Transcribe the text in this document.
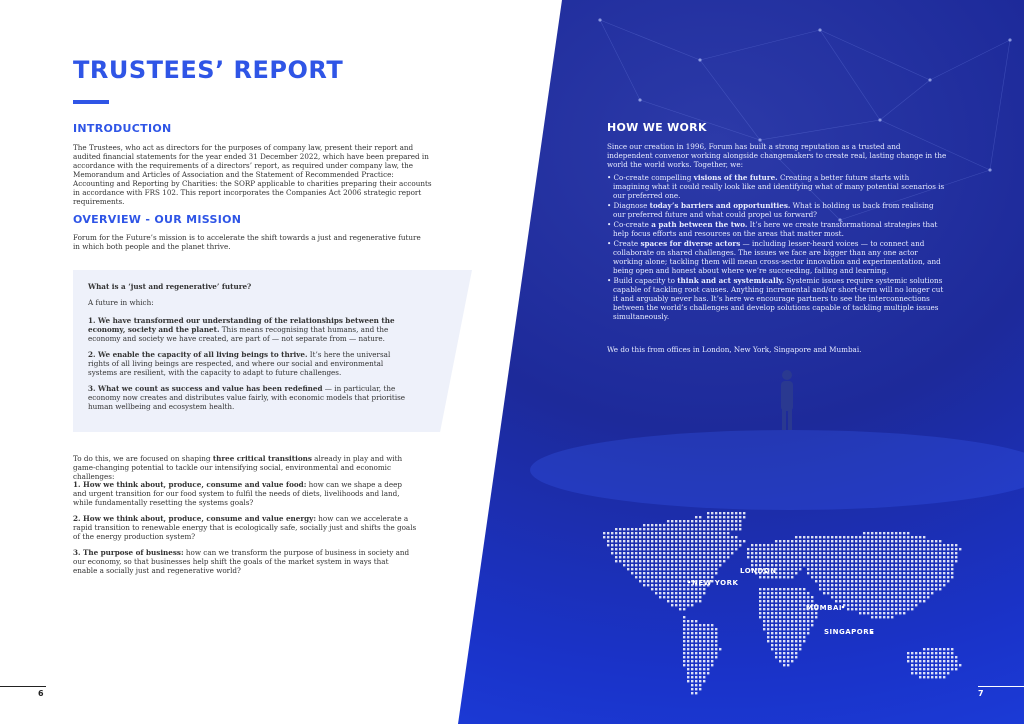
TRUSTEES’ REPORT
INTRODUCTION
The Trustees, who act as directors for the purposes of company law, present their report and audited financial statements for the year ended 31 December 2022, which have been prepared in accordance with the requirements of a directors’ report, as required under company law, the Memorandum and Articles of Association and the Statement of Recommended Practice: Accounting and Reporting by Charities: the SORP applicable to charities preparing their accounts in accordance with FRS 102. This report incorporates the Companies Act 2006 strategic report requirements.
OVERVIEW - OUR MISSION
Forum for the Future’s mission is to accelerate the shift towards a just and regenerative future in which both people and the planet thrive.
What is a ‘just and regenerative’ future?
A future in which:
1. We have transformed our understanding of the relationships between the economy, society and the planet. This means recognising that humans, and the economy and society we have created, are part of — not separate from — nature.
2. We enable the capacity of all living beings to thrive. It’s here the universal rights of all living beings are respected, and where our social and environmental systems are resilient, with the capacity to adapt to future challenges.
3. What we count as success and value has been redefined — in particular, the economy now creates and distributes value fairly, with economic models that prioritise human wellbeing and ecosystem health.
To do this, we are focused on shaping three critical transitions already in play and with game-changing potential to tackle our intensifying social, environmental and economic challenges:
1. How we think about, produce, consume and value food: how can we shape a deep and urgent transition for our food system to fulfil the needs of diets, livelihoods and land, while fundamentally resetting the systems goals?
2. How we think about, produce, consume and value energy: how can we accelerate a rapid transition to renewable energy that is ecologically safe, socially just and shifts the goals of the energy production system?
3. The purpose of business: how can we transform the purpose of business in society and our economy, so that businesses help shift the goals of the market system in ways that enable a socially just and regenerative world?
6
HOW WE WORK
Since our creation in 1996, Forum has built a strong reputation as a trusted and independent convenor working alongside changemakers to create real, lasting change in the world the world works. Together, we:
• Co-create compelling visions of the future. Creating a better future starts with imagining what it could really look like and identifying what of many potential scenarios is our preferred one.
• Diagnose today’s barriers and opportunities. What is holding us back from realising our preferred future and what could propel us forward?
• Co-create a path between the two. It’s here we create transformational strategies that help focus efforts and resources on the areas that matter most.
• Create spaces for diverse actors — including lesser-heard voices — to connect and collaborate on shared challenges. The issues we face are bigger than any one actor working alone; tackling them will mean cross-sector innovation and experimentation, and being open and honest about where we’re succeeding, failing and learning.
• Build capacity to think and act systemically. Systemic issues require systemic solutions capable of tackling root causes. Anything incremental and/or short-term will no longer cut it and arguably never has. It’s here we encourage partners to see the interconnections between the world’s challenges and develop solutions capable of tackling multiple issues simultaneously.
We do this from offices in London, New York, Singapore and Mumbai.
LONDON
NEW YORK
MUMBAI
SINGAPORE
7
